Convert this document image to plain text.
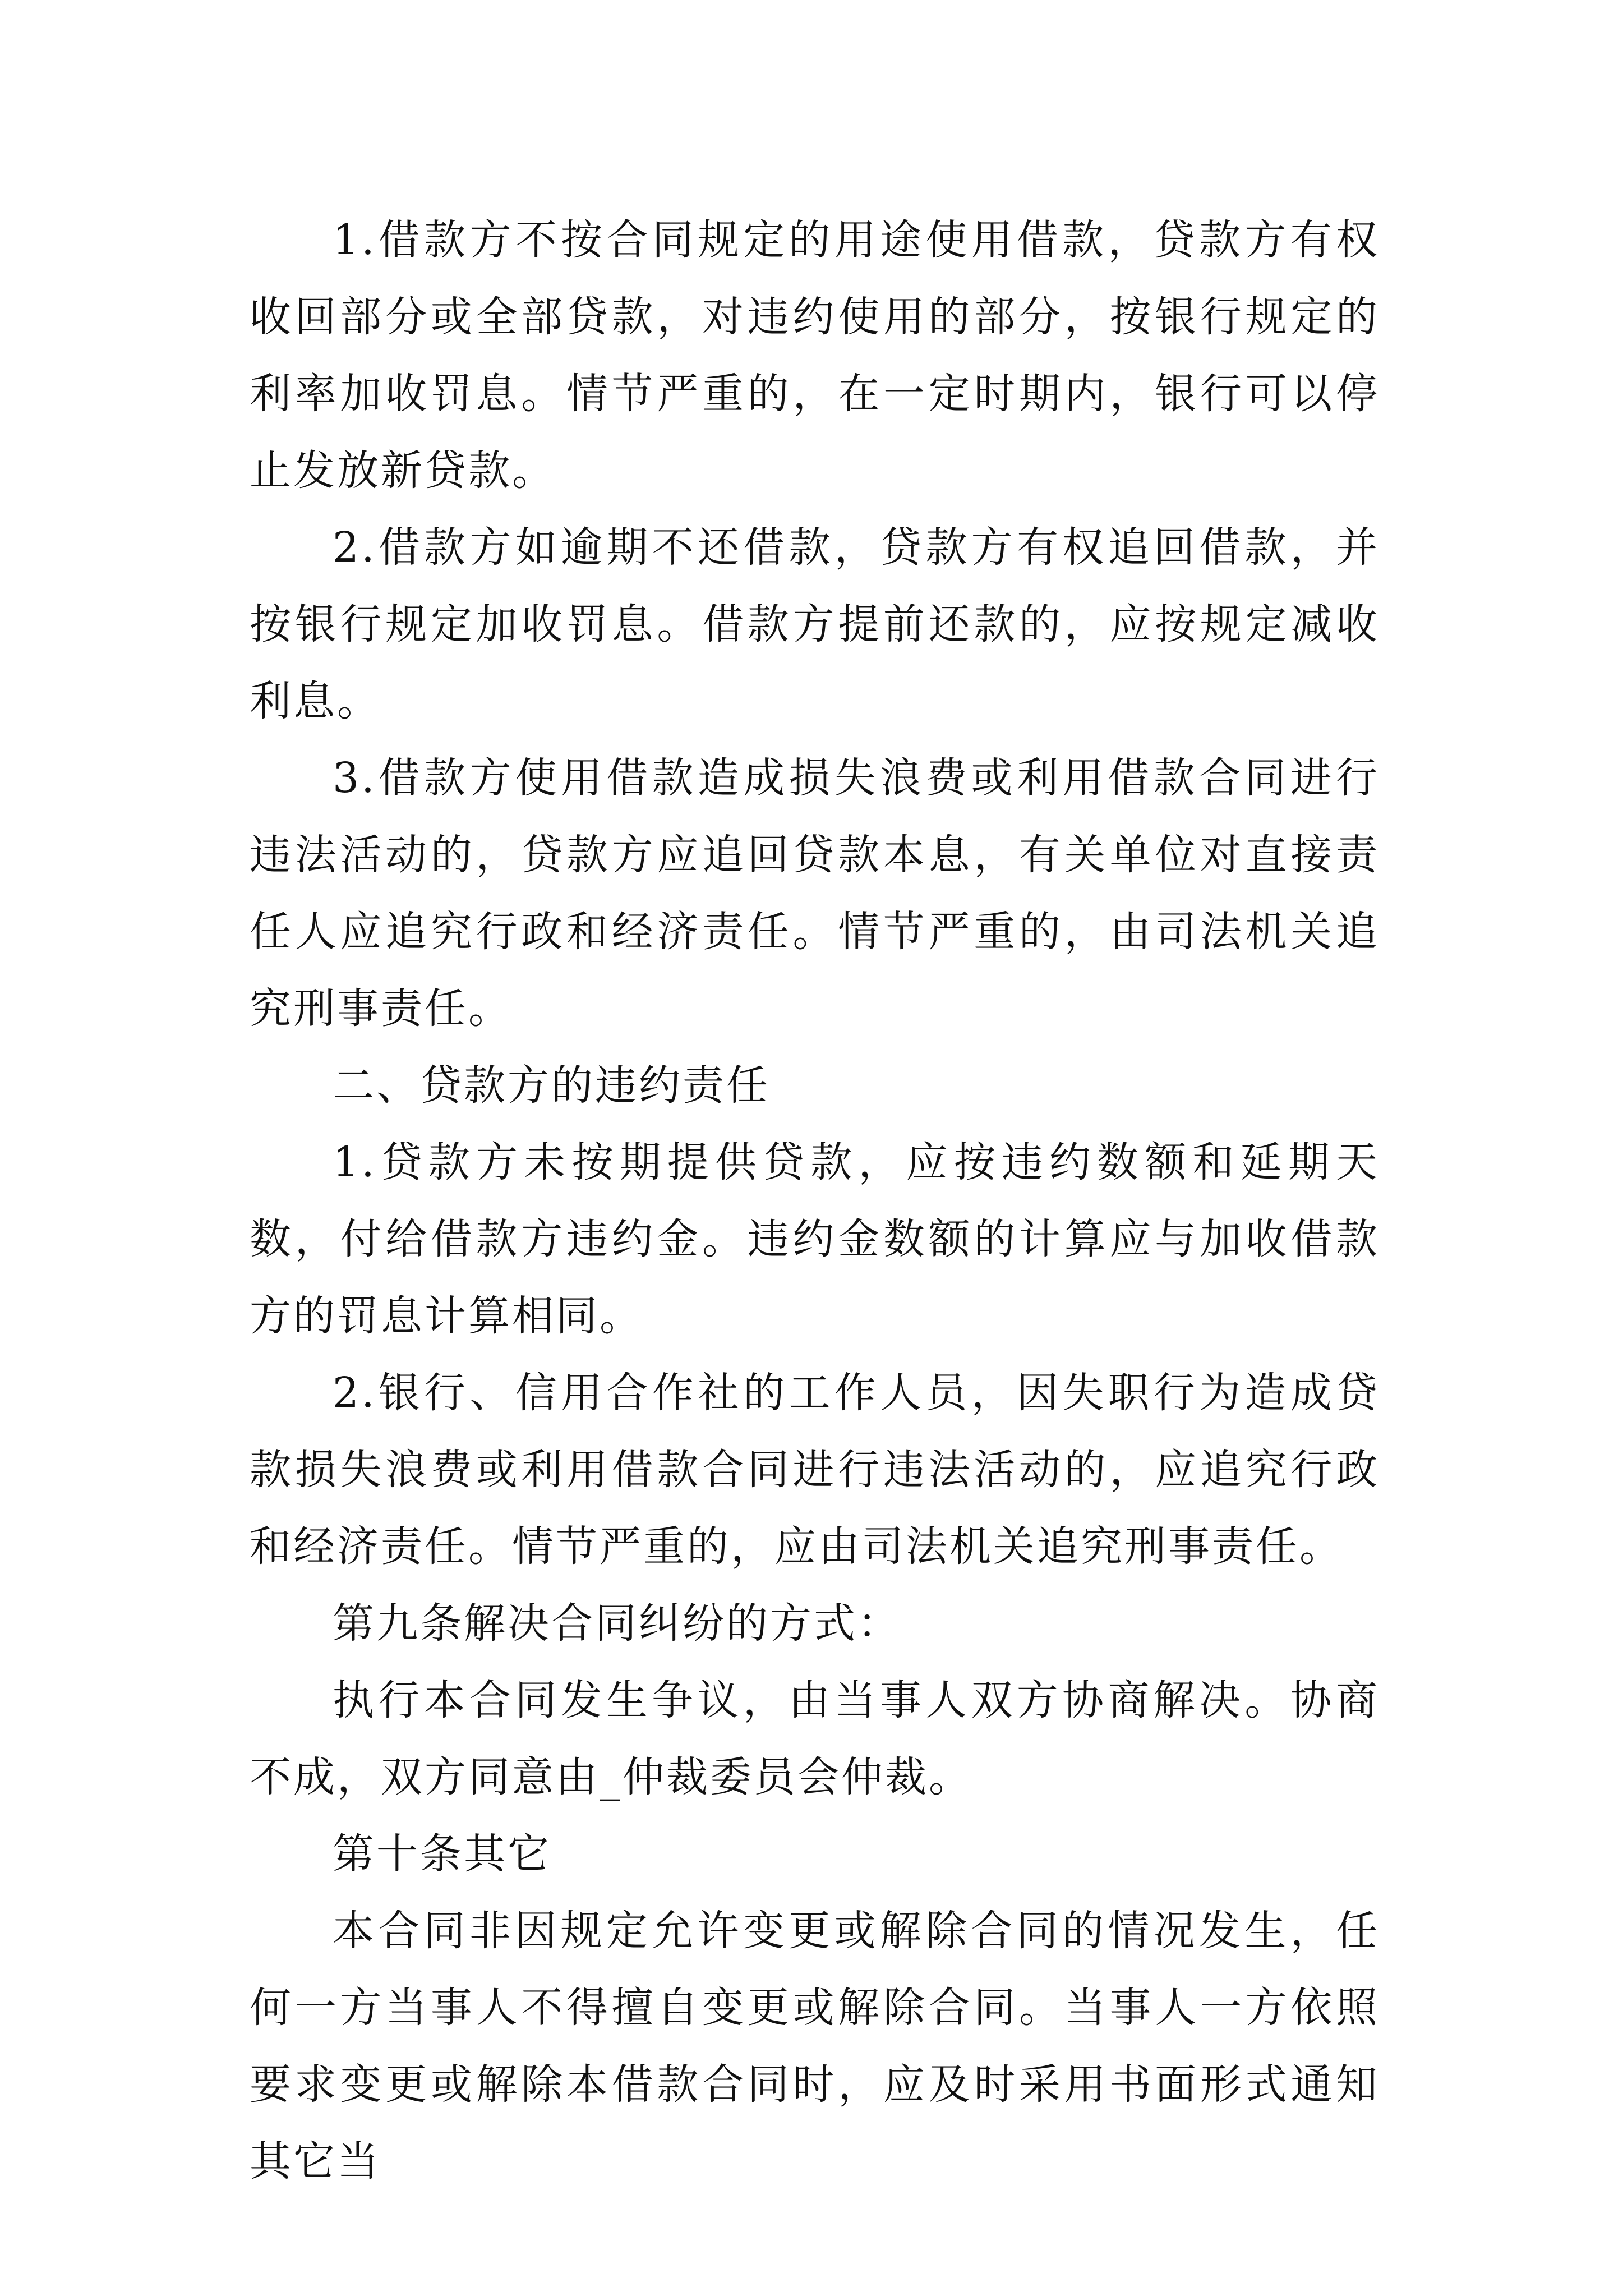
1.借款方不按合同规定的用途使用借款，贷款方有权收回部分或全部贷款，对违约使用的部分，按银行规定的利率加收罚息。情节严重的，在一定时期内，银行可以停止发放新贷款。

2.借款方如逾期不还借款，贷款方有权追回借款，并按银行规定加收罚息。借款方提前还款的，应按规定减收利息。

3.借款方使用借款造成损失浪费或利用借款合同进行违法活动的，贷款方应追回贷款本息，有关单位对直接责任人应追究行政和经济责任。情节严重的，由司法机关追究刑事责任。

二、贷款方的违约责任

1.贷款方未按期提供贷款，应按违约数额和延期天数，付给借款方违约金。违约金数额的计算应与加收借款方的罚息计算相同。

2.银行、信用合作社的工作人员，因失职行为造成贷款损失浪费或利用借款合同进行违法活动的，应追究行政和经济责任。情节严重的，应由司法机关追究刑事责任。

第九条解决合同纠纷的方式：

执行本合同发生争议，由当事人双方协商解决。协商不成，双方同意由_仲裁委员会仲裁。

第十条其它

本合同非因规定允许变更或解除合同的情况发生，任何一方当事人不得擅自变更或解除合同。当事人一方依照要求变更或解除本借款合同时，应及时采用书面形式通知其它当
